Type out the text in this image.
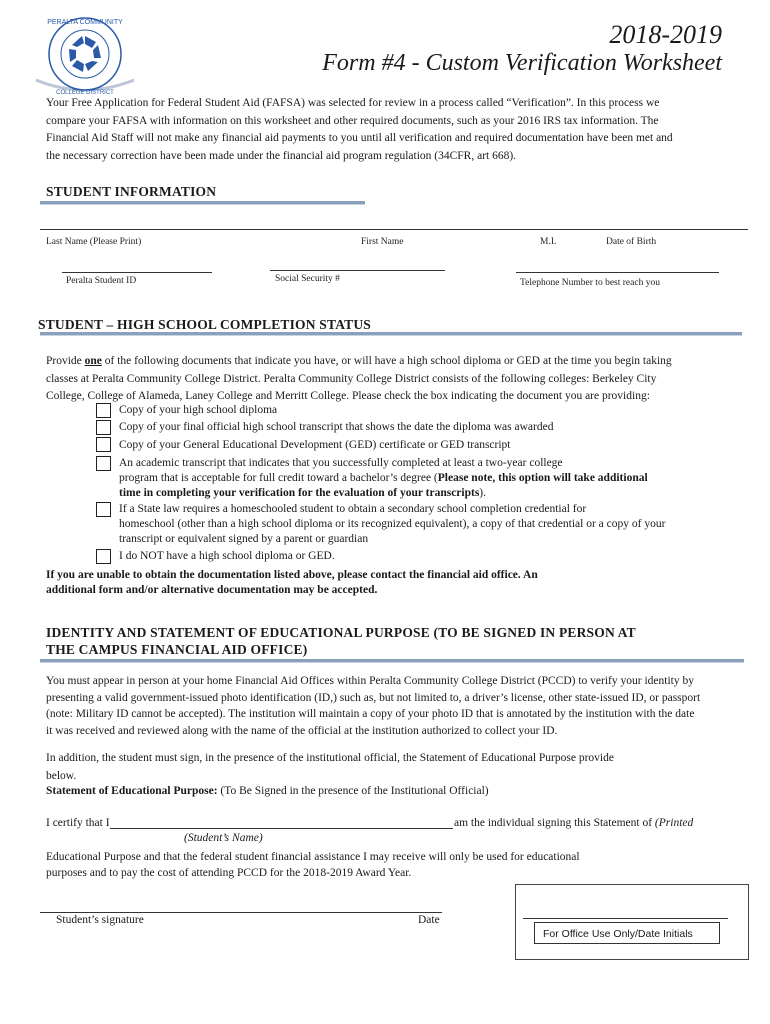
PERALTA COMMUNITY
COLLEGE DISTRICT
2018-2019
Form #4 - Custom Verification Worksheet
Your Free Application for Federal Student Aid (FAFSA) was selected for review in a process called “Verification”. In this process we
compare your FAFSA with information on this worksheet and other required documents, such as your 2016 IRS tax information. The
Financial Aid Staff will not make any financial aid payments to you until all verification and required documentation have been met and
the necessary correction have been made under the financial aid program regulation (34CFR, art 668).
STUDENT INFORMATION
Last Name (Please Print)	First Name	M.I.	Date of Birth
Peralta Student ID	Social Security #	Telephone Number to best reach you
STUDENT – HIGH SCHOOL COMPLETION STATUS
Provide one of the following documents that indicate you have, or will have a high school diploma or GED at the time you begin taking
classes at Peralta Community College District. Peralta Community College District consists of the following colleges: Berkeley City
College, College of Alameda, Laney College and Merritt College. Please check the box indicating the document you are providing:
Copy of your high school diploma
Copy of your final official high school transcript that shows the date the diploma was awarded
Copy of your General Educational Development (GED) certificate or GED transcript
An academic transcript that indicates that you successfully completed at least a two-year college
program that is acceptable for full credit toward a bachelor’s degree (Please note, this option will take additional
time in completing your verification for the evaluation of your transcripts).
If a State law requires a homeschooled student to obtain a secondary school completion credential for
homeschool (other than a high school diploma or its recognized equivalent), a copy of that credential or a copy of your
transcript or equivalent signed by a parent or guardian
I do NOT have a high school diploma or GED.
If you are unable to obtain the documentation listed above, please contact the financial aid office. An
additional form and/or alternative documentation may be accepted.
IDENTITY AND STATEMENT OF EDUCATIONAL PURPOSE (TO BE SIGNED IN PERSON AT
THE CAMPUS FINANCIAL AID OFFICE)
You must appear in person at your home Financial Aid Offices within Peralta Community College District (PCCD) to verify your identity by
presenting a valid government-issued photo identification (ID,) such as, but not limited to, a driver’s license, other state-issued ID, or passport
(note: Military ID cannot be accepted). The institution will maintain a copy of your photo ID that is annotated by the institution with the date
it was received and reviewed along with the name of the official at the institution authorized to collect your ID.
In addition, the student must sign, in the presence of the institutional official, the Statement of Educational Purpose provide
below.
Statement of Educational Purpose: (To Be Signed in the presence of the Institutional Official)
I certify that I	am the individual signing this Statement of (Printed
(Student’s Name)
Educational Purpose and that the federal student financial assistance I may receive will only be used for educational
purposes and to pay the cost of attending PCCD for the 2018-2019 Award Year.
Student’s signature	Date
For Office Use Only/Date Initials
